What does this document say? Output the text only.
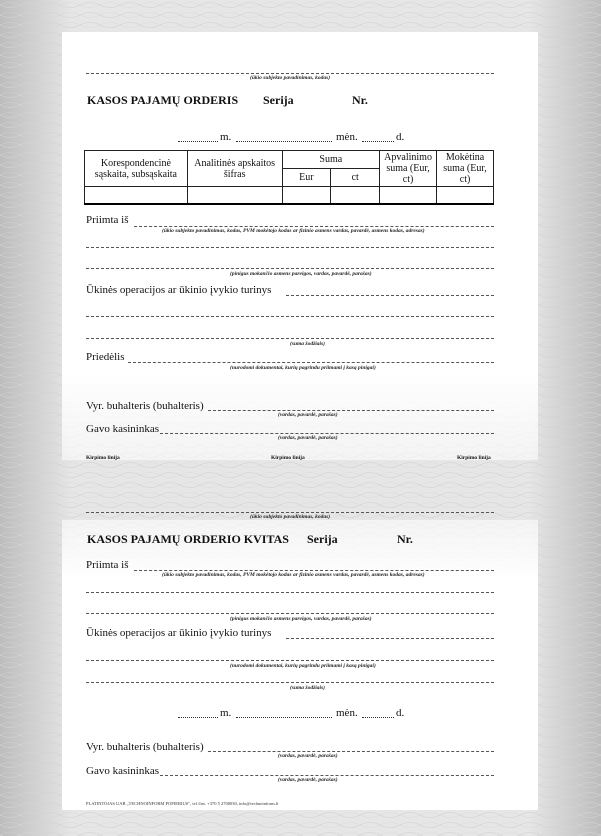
(ūkio subjekto pavadinimas, kodas)
KASOS PAJAMŲ ORDERIS Serija	Nr.
m.	mėn.	d.
Korespondencinė sąskaita, subsąskaita	Analitinės apskaitos šifras	Suma		Apvalinimo suma (Eur, ct)	Mokėtina suma (Eur, ct)
		Eur	ct		

Priimta iš
(ūkio subjekto pavadinimas, kodas, PVM mokėtojo kodas ar fizinio asmens vardas, pavardė, asmens kodas, adresas)
(pinigus mokančio asmens pareigos, vardas, pavardė, parašas)
Ūkinės operacijos ar ūkinio įvykio turinys
(suma žodžiais)
Priedėlis
(nurodomi dokumentai, kurių pagrindu priimami į kasą pinigai)
Vyr. buhalteris (buhalteris)
(vardas, pavardė, parašas)
Gavo kasininkas
(vardas, pavardė, parašas)
Kirpimo linija	Kirpimo linija	Kirpimo linija
(ūkio subjekto pavadinimas, kodas)
KASOS PAJAMŲ ORDERIO KVITAS Serija	Nr.
Priimta iš
(ūkio subjekto pavadinimas, kodas, PVM mokėtojo kodas ar fizinio asmens vardas, pavardė, asmens kodas, adresas)
(pinigus mokančio asmens pareigos, vardas, pavardė, parašas)
Ūkinės operacijos ar ūkinio įvykio turinys
(nurodomi dokumentai, kurių pagrindu priimami į kasą pinigai)
(suma žodžiais)
m.	mėn.	d.
Vyr. buhalteris (buhalteris)
(vardas, pavardė, parašas)
Gavo kasininkas
(vardas, pavardė, parašas)
PLATINTOJAS UAB „TECHNOINFORM POPIERIUS", tel./fax. +370 5 2700030, info@technoinform.lt
